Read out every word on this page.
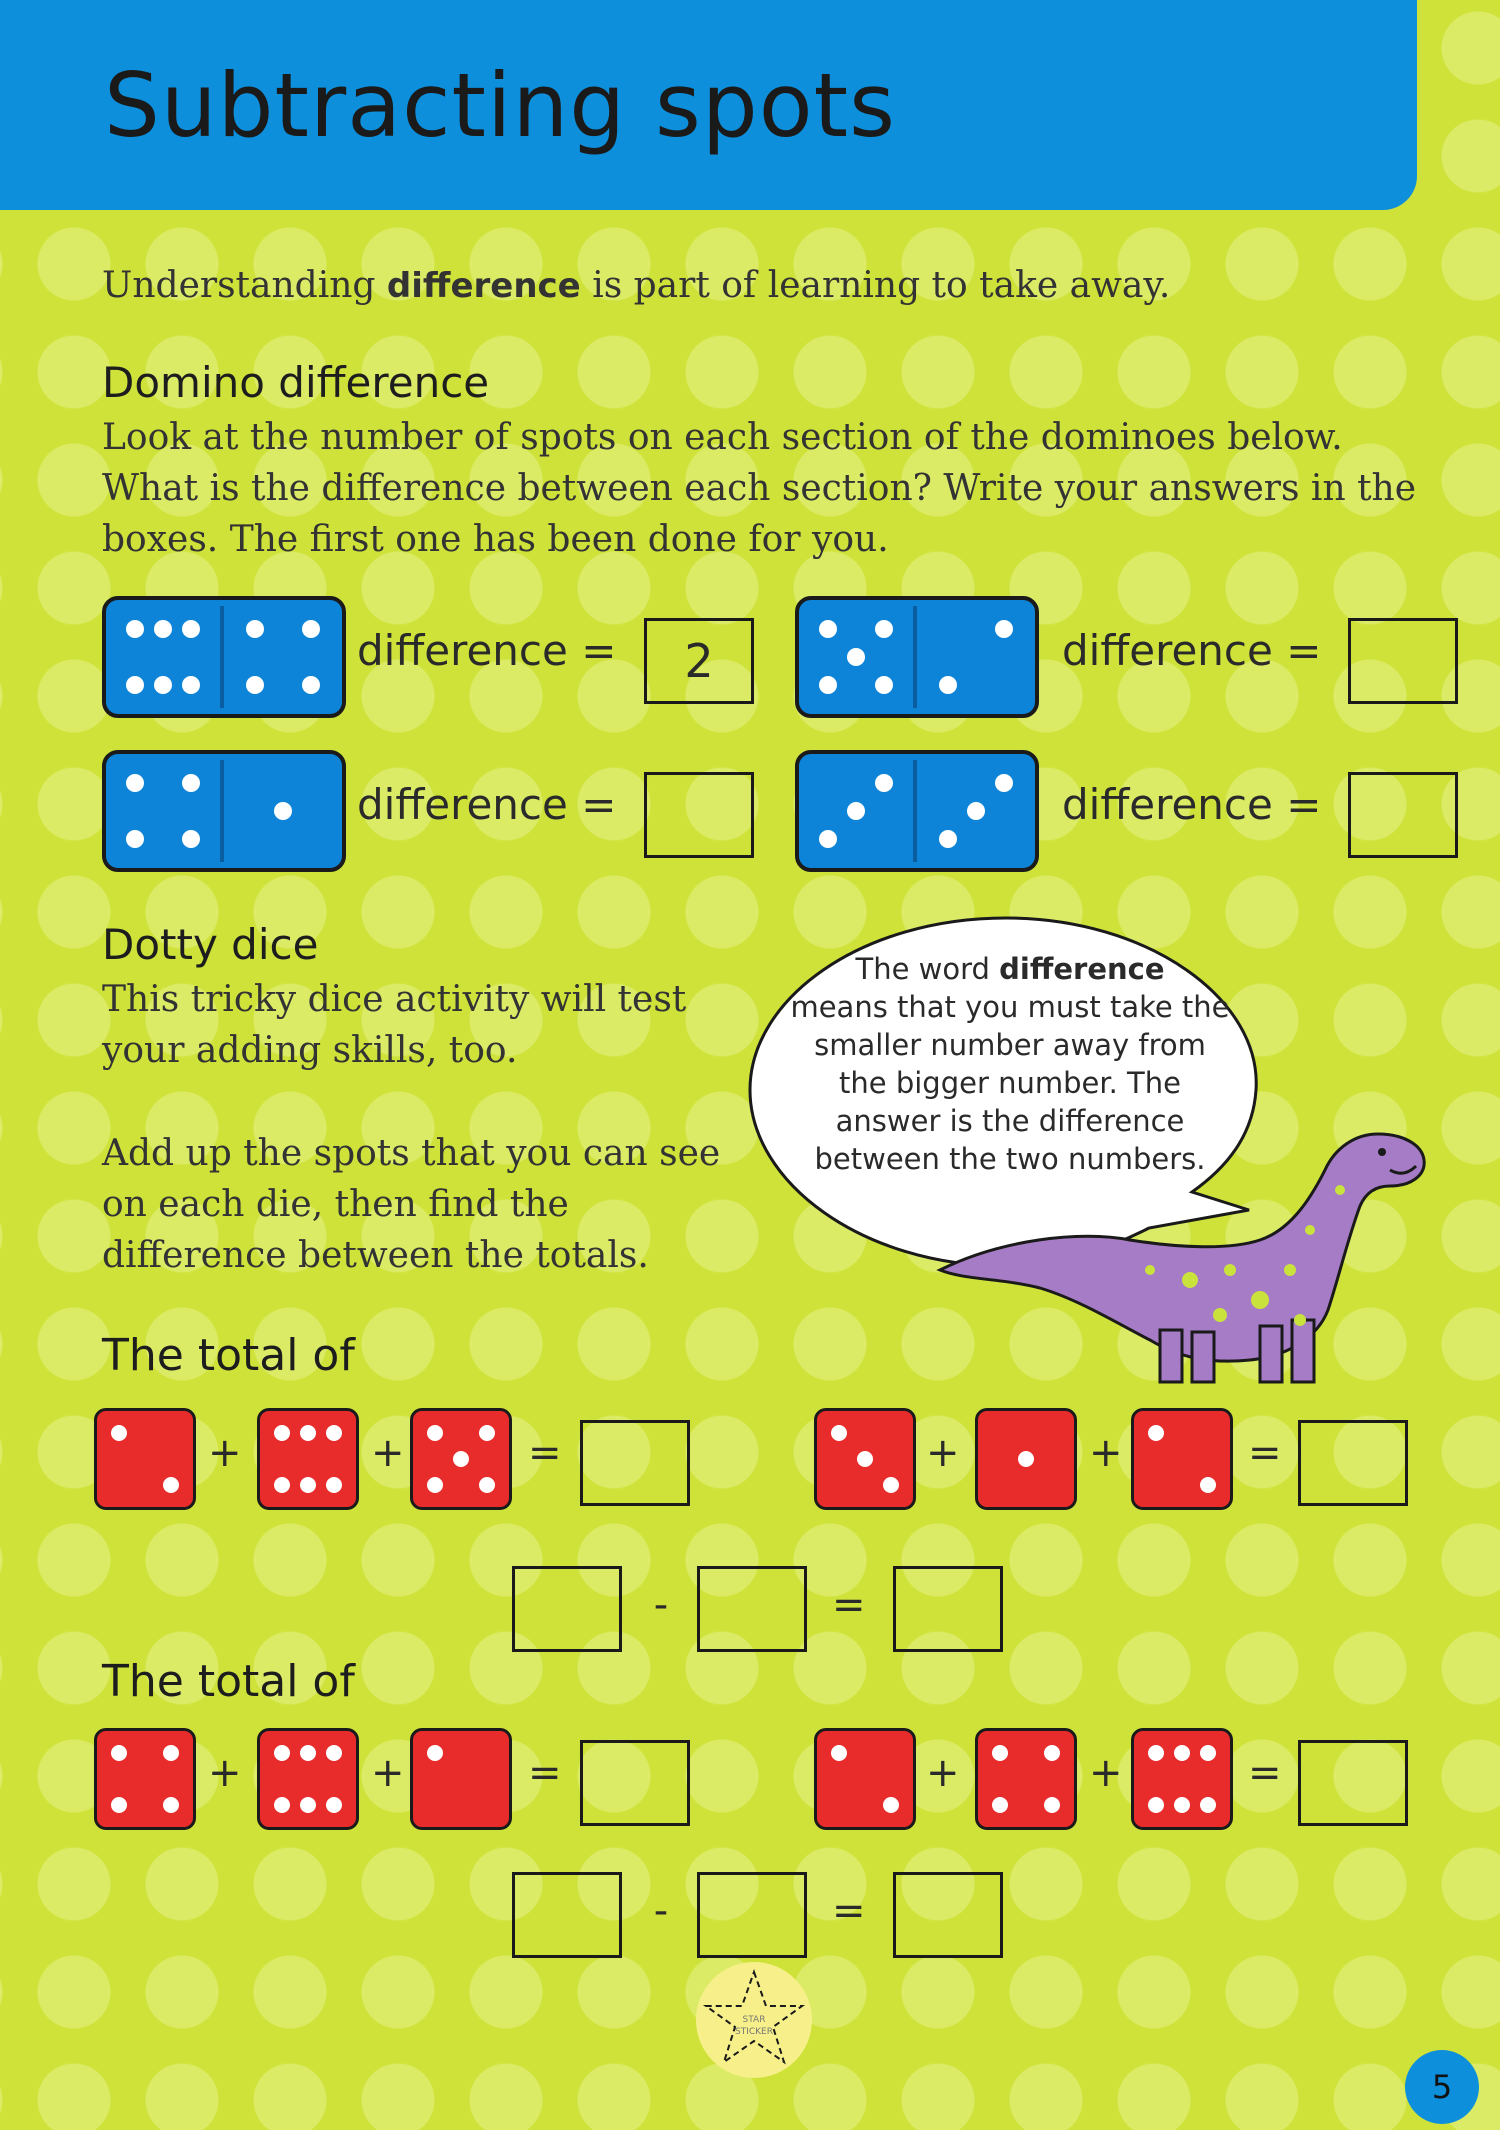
Subtracting spots
Understanding difference is part of learning to take away.
Domino difference
Look at the number of spots on each section of the dominoes below. What is the difference between each section? Write your answers in the boxes. The first one has been done for you.
difference =	2	difference =
difference =	difference =
Dotty dice
This tricky dice activity will test your adding skills, too.
Add up the spots that you can see on each die, then find the difference between the totals.
The word difference
means that you must take the smaller number away from the bigger number. The answer is the difference between the two numbers.
The total of
+	+	=	+	+	=
-	=
The total of
+	+	=	+	+	=
-	=
STAR
STICKER
5
